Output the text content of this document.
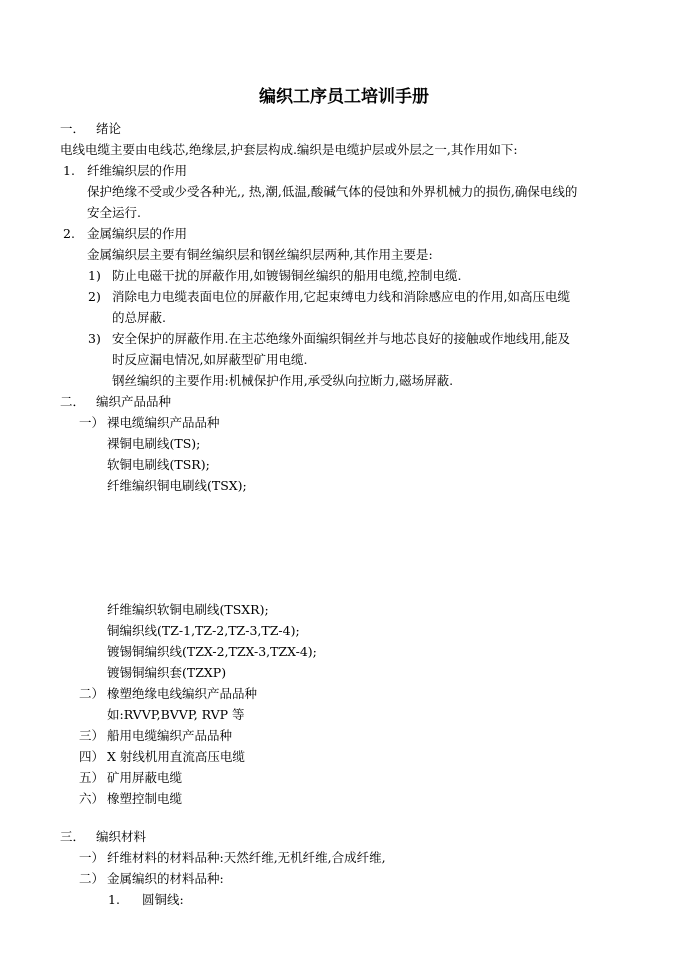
编织工序员工培训手册
一． 绪论
电线电缆主要由电线芯,绝缘层,护套层构成.编织是电缆护层或外层之一,其作用如下:
1. 纤维编织层的作用
保护绝缘不受或少受各种光,, 热,潮,低温,酸碱气体的侵蚀和外界机械力的损伤,确保电线的
安全运行.
2. 金属编织层的作用
金属编织层主要有铜丝编织层和钢丝编织层两种,其作用主要是:
1) 防止电磁干扰的屏蔽作用,如镀锡铜丝编织的船用电缆,控制电缆.
2) 消除电力电缆表面电位的屏蔽作用,它起束缚电力线和消除感应电的作用,如高压电缆
的总屏蔽.
3) 安全保护的屏蔽作用.在主芯绝缘外面编织铜丝并与地芯良好的接触或作地线用,能及
时反应漏电情况,如屏蔽型矿用电缆.
钢丝编织的主要作用:机械保护作用,承受纵向拉断力,磁场屏蔽.
二． 编织产品品种
一） 裸电缆编织产品品种
裸铜电刷线(TS);
软铜电刷线(TSR);
纤维编织铜电刷线(TSX);
纤维编织软铜电刷线(TSXR);
铜编织线(TZ-1,TZ-2,TZ-3,TZ-4);
镀锡铜编织线(TZX-2,TZX-3,TZX-4);
镀锡铜编织套(TZXP)
二） 橡塑绝缘电线编织产品品种
如:RVVP,BVVP, RVP 等
三） 船用电缆编织产品品种
四） X 射线机用直流高压电缆
五） 矿用屏蔽电缆
六） 橡塑控制电缆
三． 编织材料
一） 纤维材料的材料品种:天然纤维,无机纤维,合成纤维,
二） 金属编织的材料品种:
1. 圆铜线:
